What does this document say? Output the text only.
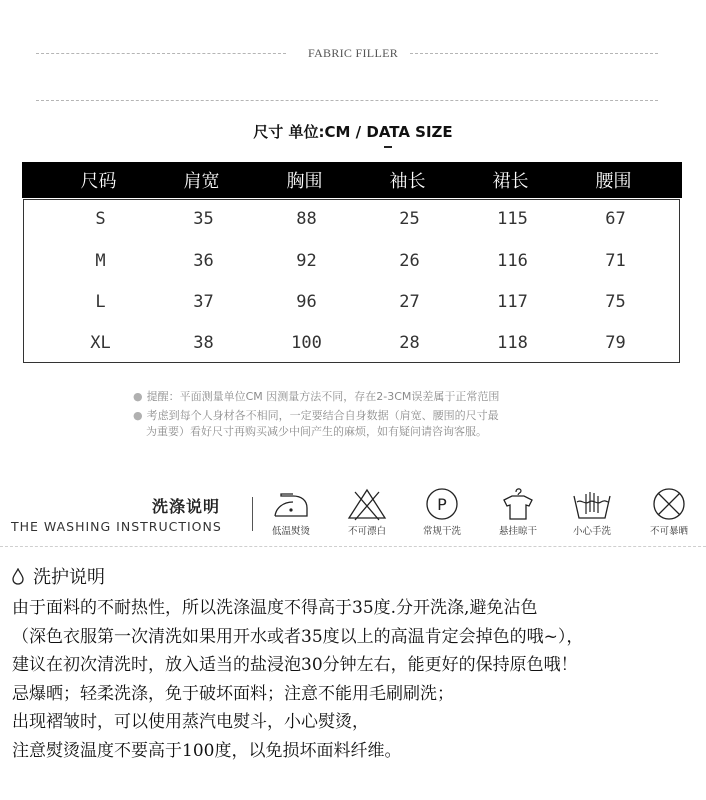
FABRIC FILLER
尺寸 单位:CM / DATA SIZE
尺码	肩宽	胸围	袖长	裙长	腰围
S	35	88	25	115	67
M	36	92	26	116	71
L	37	96	27	117	75
XL	38	100	28	118	79
● 提醒：平面测量单位CM 因测量方法不同，存在2-3CM误差属于正常范围
● 考虑到每个人身材各不相同，一定要结合自身数据（肩宽、腰围的尺寸最
为重要）看好尺寸再购买减少中间产生的麻烦，如有疑问请咨询客服。
洗涤说明
THE WASHING INSTRUCTIONS	低温熨烫	不可漂白
P
常规干洗	悬挂晾干	小心手洗	不可暴晒
洗护说明
由于面料的不耐热性，所以洗涤温度不得高于35度.分开洗涤,避免沾色
（深色衣服第一次清洗如果用开水或者35度以上的高温肯定会掉色的哦~），
建议在初次清洗时，放入适当的盐浸泡30分钟左右，能更好的保持原色哦！
忌爆晒；轻柔洗涤，免于破坏面料；注意不能用毛刷刷洗；
出现褶皱时，可以使用蒸汽电熨斗，小心熨烫，
注意熨烫温度不要高于100度，以免损坏面料纤维。
